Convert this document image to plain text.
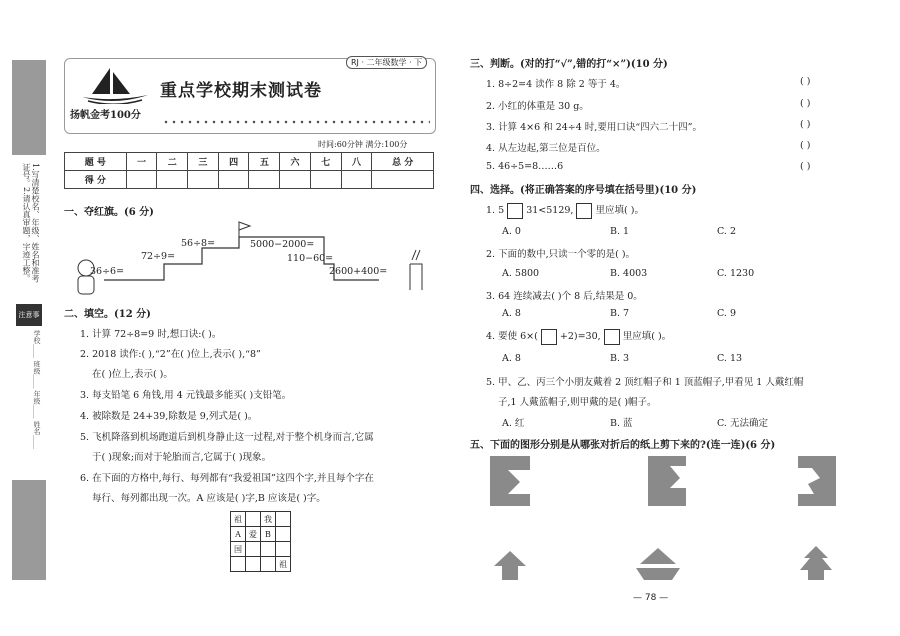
1.写清楚校名、年级、姓名和准考证号。2.请认真审题，字迹工整。
注意事项 学校＿＿ 班级＿＿ 年级＿＿ 姓名＿＿
RJ · 二年级数学 · 下
扬帆金考100分
重点学校期末测试卷
时间:60分钟 满分:100分
题 号	一	二	三	四	五	六	七	八	总 分
得 分									
一、夺红旗。(6 分)
36÷6=
72÷9=
56÷8=	5000−2000=
110−60=
2600+400=
二、填空。(12 分)
1. 计算 72÷8=9 时,想口诀:( )。
2. 2018 读作:( ),“2”在( )位上,表示( ),“8”
在( )位上,表示( )。
3. 每支铅笔 6 角钱,用 4 元钱最多能买( )支铅笔。
4. 被除数是 24+39,除数是 9,列式是( )。
5. 飞机降落到机场跑道后到机身静止这一过程,对于整个机身而言,它属
于( )现象;而对于轮胎而言,它属于( )现象。
6. 在下面的方格中,每行、每列都有“我爱祖国”这四个字,并且每个字在
每行、每列都出现一次。A 应该是( )字,B 应该是( )字。
祖		我	
A	爱	B	
国			
			祖
三、判断。(对的打“√”,错的打“×”)(10 分)
1. 8÷2=4 读作 8 除 2 等于 4。
2. 小红的体重是 30 g。
3. 计算 4×6 和 24÷4 时,要用口诀“四六二十四”。
4. 从左边起,第三位是百位。
5. 46÷5=8……6
( )
( )
( )
( )
( )
四、选择。(将正确答案的序号填在括号里)(10 分)
1. 5 31<5129, 里应填( )。
A. 0	B. 1	C. 2
2. 下面的数中,只读一个零的是( )。
A. 5800	B. 4003	C. 1230
3. 64 连续减去( )个 8 后,结果是 0。
A. 8	B. 7	C. 9
4. 要使 6×( +2)=30, 里应填( )。
A. 8	B. 3	C. 13
5. 甲、乙、丙三个小朋友戴着 2 顶红帽子和 1 顶蓝帽子,甲看见 1 人戴红帽
子,1 人戴蓝帽子,则甲戴的是( )帽子。
A. 红	B. 蓝	C. 无法确定
五、下面的图形分别是从哪张对折后的纸上剪下来的?(连一连)(6 分)
— 78 —
